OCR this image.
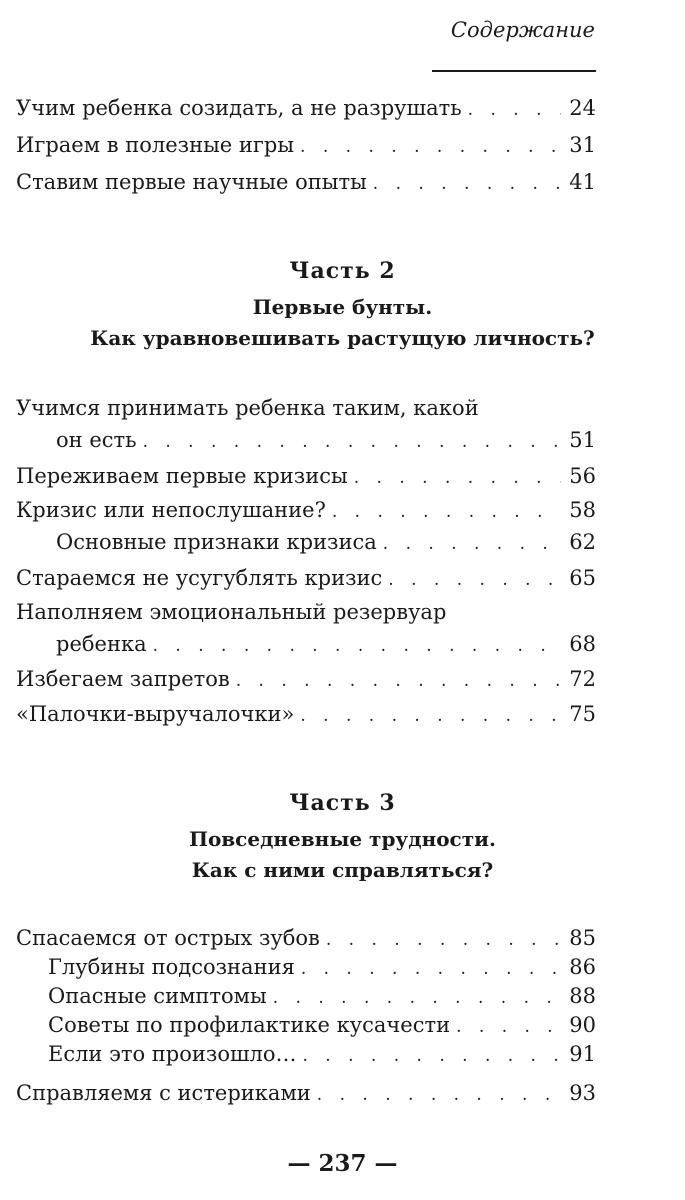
Содержание
Учим ребенка созидать, а не разрушать . . .	24
Играем в полезные игры . . .	31
Ставим первые научные опыты . . .	41
Часть 2
Первые бунты.
Как уравновешивать растущую личность?
Учимся принимать ребенка таким, какой
он есть . . .	51
Переживаем первые кризисы . . .	56
Кризис или непослушание? . . .	58
Основные признаки кризиса . . .	62
Стараемся не усугублять кризис . . .	65
Наполняем эмоциональный резервуар
ребенка . . .	68
Избегаем запретов . . .	72
«Палочки-выручалочки» . . .	75
Часть 3
Повседневные трудности.
Как с ними справляться?
Спасаемся от острых зубов . . .	85
Глубины подсознания . . .	86
Опасные симптомы . . .	88
Советы по профилактике кусачести . . .	90
Если это произошло… . . .	91
Справляемя с истериками . . .	93
— 237 —
